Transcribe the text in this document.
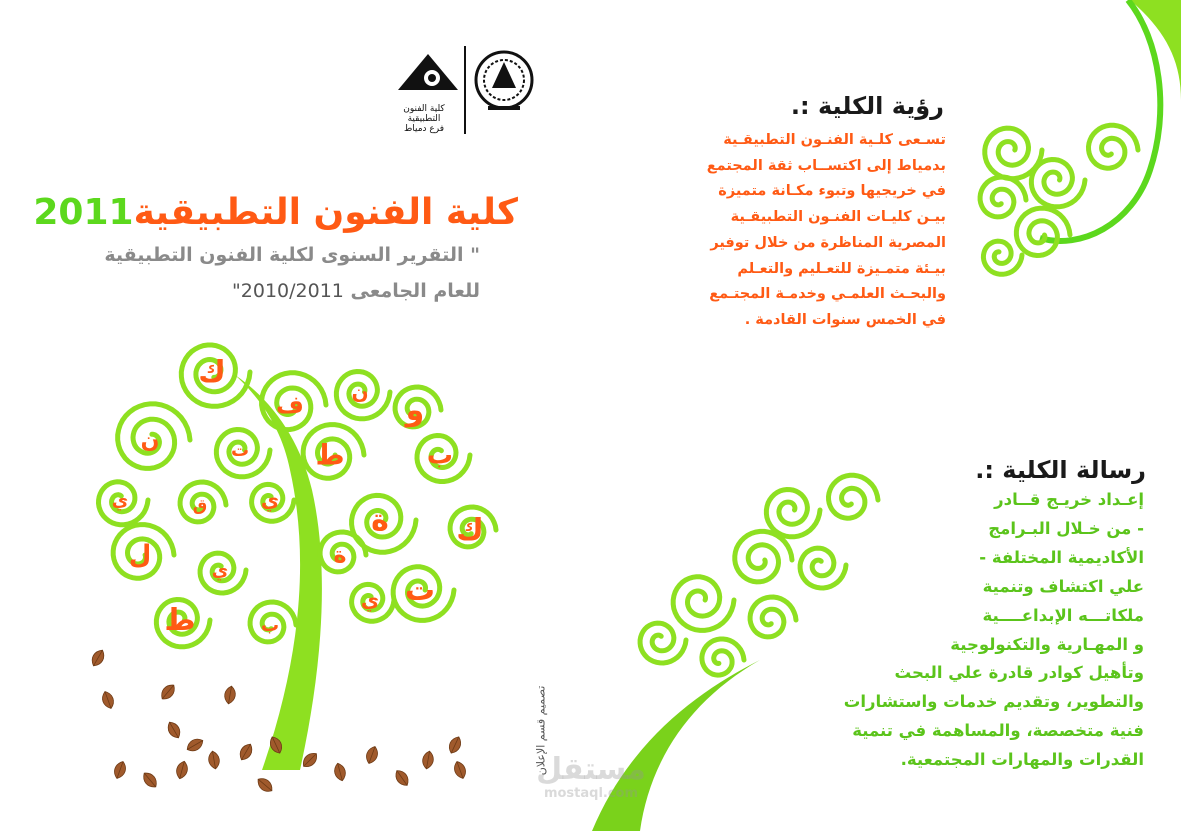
ك
ف ن
و
ن	ت ط	ب
ي	ق	ي
ة ك
ل	ي
ة
ت
ط	ب
ي
كلية الفنون التطبيقية
فرع دمياط
كلية الفنون التطبيقية2011
" التقرير السنوى لكلية الفنون التطبيقية
للعام الجامعى 2010/2011"
رؤية الكلية :.
تسـعى كلـية الفنـون التطبيقـية
بدمياط إلى اكتســاب ثقة المجتمع
في خريجيها وتبوء مكـانة متميزة
بيـن كليـات الفنـون التطبيقـية
المصرية المناظرة من خلال توفير
بيـئة متمـيزة للتعـليم والتعـلم
والبحـث العلمـي وخدمـة المجتـمع
في الخمس سنوات القادمة .
رسالة الكلية :.
إعـداد خريـج قــادر
- من خـلال البـرامج
الأكاديمية المختلفة -
علي اكتشاف وتنمية
ملكاتـــه الإبداعــــية
و المهـارية والتكنولوجية
وتأهيل كوادر قادرة علي البحث
والتطوير، وتقديم خدمات واستشارات
فنية متخصصة، والمساهمة في تنمية
القدرات والمهارات المجتمعية.
تصميم قسم الإعلان
مستقل
mostaql.com
